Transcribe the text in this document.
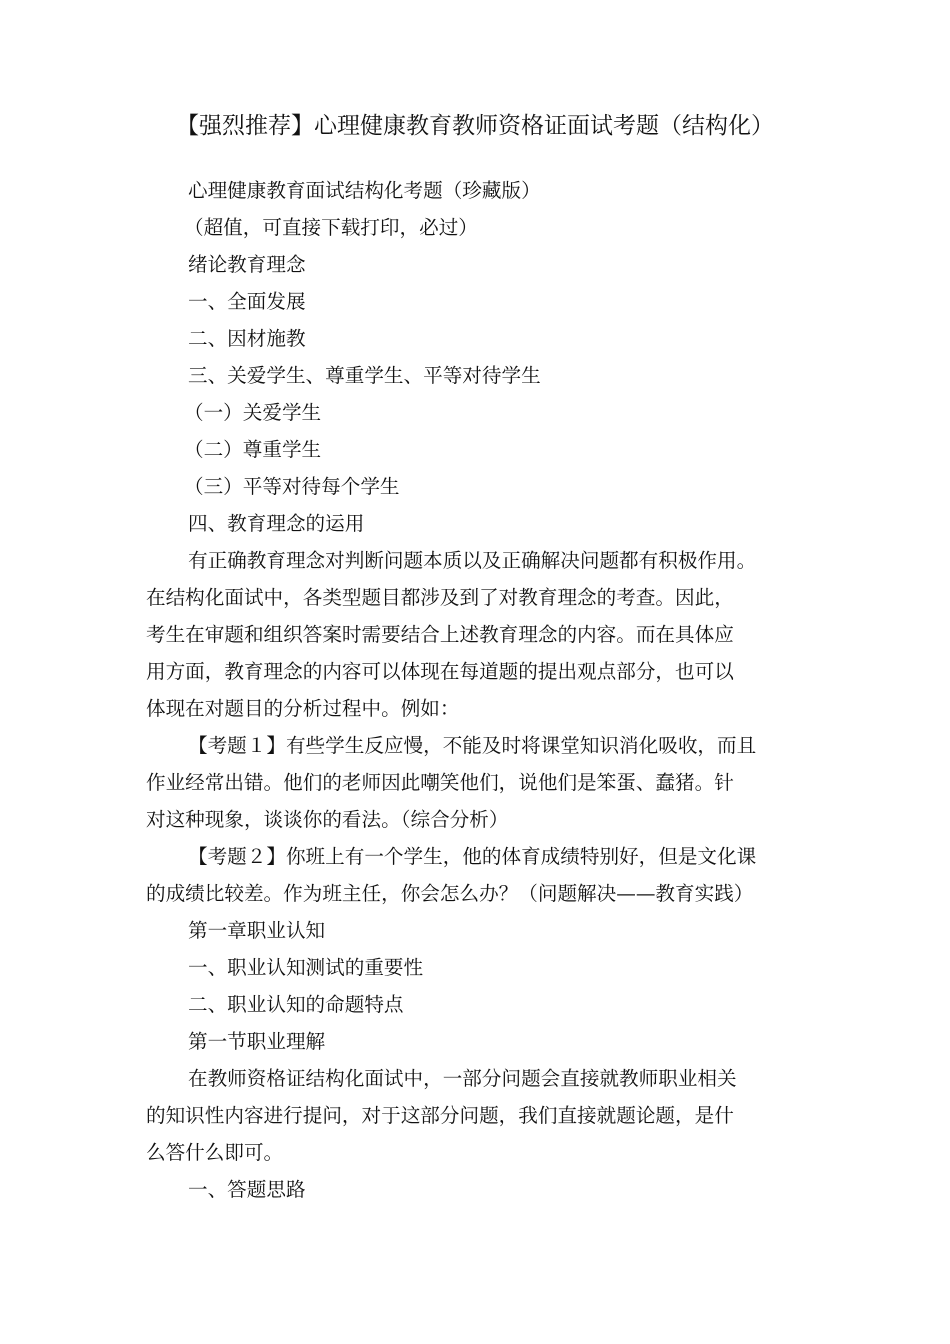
【强烈推荐】心理健康教育教师资格证面试考题（结构化）
心理健康教育面试结构化考题（珍藏版）
（超值，可直接下载打印，必过）
绪论教育理念
一、全面发展
二、因材施教
三、关爱学生、尊重学生、平等对待学生
（一）关爱学生
（二）尊重学生
（三）平等对待每个学生
四、教育理念的运用
有正确教育理念对判断问题本质以及正确解决问题都有积极作用。
在结构化面试中，各类型题目都涉及到了对教育理念的考查。因此，
考生在审题和组织答案时需要结合上述教育理念的内容。而在具体应
用方面，教育理念的内容可以体现在每道题的提出观点部分，也可以
体现在对题目的分析过程中。例如：
【考题１】有些学生反应慢，不能及时将课堂知识消化吸收，而且
作业经常出错。他们的老师因此嘲笑他们，说他们是笨蛋、蠢猪。针
对这种现象，谈谈你的看法。（综合分析）
【考题２】你班上有一个学生，他的体育成绩特别好，但是文化课
的成绩比较差。作为班主任，你会怎么办？（问题解决——教育实践）
第一章职业认知
一、职业认知测试的重要性
二、职业认知的命题特点
第一节职业理解
在教师资格证结构化面试中，一部分问题会直接就教师职业相关
的知识性内容进行提问，对于这部分问题，我们直接就题论题，是什
么答什么即可。
一、答题思路
